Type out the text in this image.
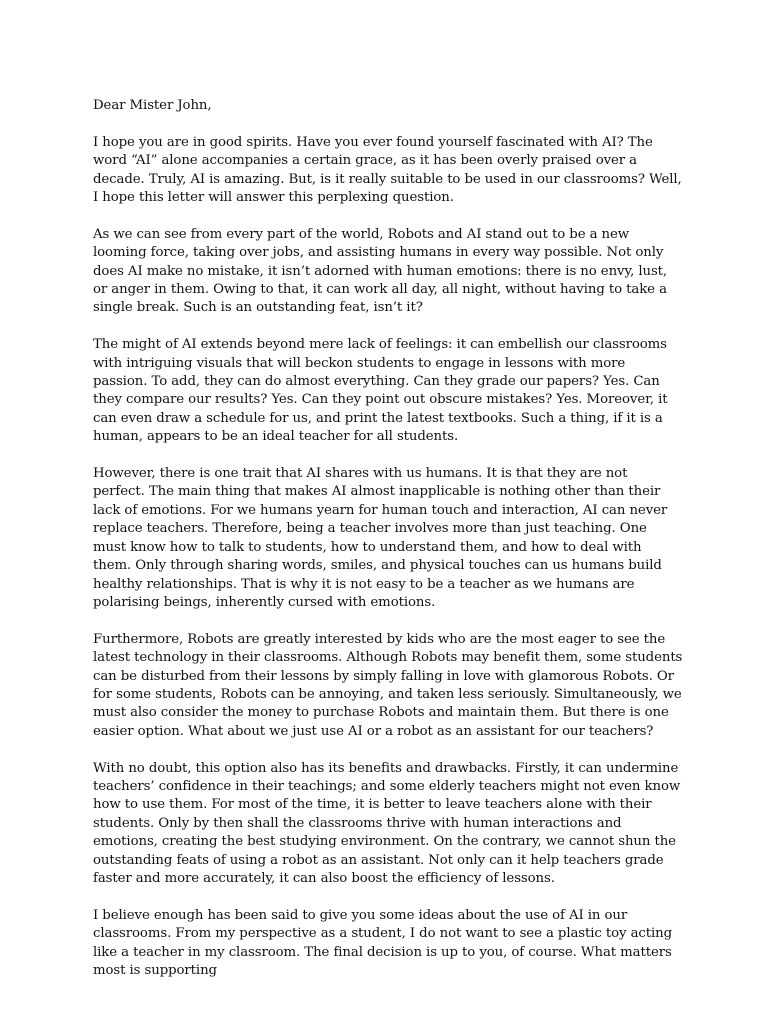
Dear Mister John,

I hope you are in good spirits. Have you ever found yourself fascinated with AI? The word “AI” alone accompanies a certain grace, as it has been overly praised over a decade. Truly, AI is amazing. But, is it really suitable to be used in our classrooms? Well, I hope this letter will answer this perplexing question.

As we can see from every part of the world, Robots and AI stand out to be a new looming force, taking over jobs, and assisting humans in every way possible. Not only does AI make no mistake, it isn’t adorned with human emotions: there is no envy, lust, or anger in them. Owing to that, it can work all day, all night, without having to take a single break. Such is an outstanding feat, isn’t it?

The might of AI extends beyond mere lack of feelings: it can embellish our classrooms with intriguing visuals that will beckon students to engage in lessons with more passion. To add, they can do almost everything. Can they grade our papers? Yes. Can they compare our results? Yes. Can they point out obscure mistakes? Yes. Moreover, it can even draw a schedule for us, and print the latest textbooks. Such a thing, if it is a human, appears to be an ideal teacher for all students.

However, there is one trait that AI shares with us humans. It is that they are not perfect. The main thing that makes AI almost inapplicable is nothing other than their lack of emotions. For we humans yearn for human touch and interaction, AI can never replace teachers. Therefore, being a teacher involves more than just teaching. One must know how to talk to students, how to understand them, and how to deal with them. Only through sharing words, smiles, and physical touches can us humans build healthy relationships. That is why it is not easy to be a teacher as we humans are polarising beings, inherently cursed with emotions.

Furthermore, Robots are greatly interested by kids who are the most eager to see the latest technology in their classrooms. Although Robots may benefit them, some students can be disturbed from their lessons by simply falling in love with glamorous Robots. Or for some students, Robots can be annoying, and taken less seriously. Simultaneously, we must also consider the money to purchase Robots and maintain them. But there is one easier option. What about we just use AI or a robot as an assistant for our teachers?

With no doubt, this option also has its benefits and drawbacks. Firstly, it can undermine teachers’ confidence in their teachings; and some elderly teachers might not even know how to use them. For most of the time, it is better to leave teachers alone with their students. Only by then shall the classrooms thrive with human interactions and emotions, creating the best studying environment. On the contrary, we cannot shun the outstanding feats of using a robot as an assistant. Not only can it help teachers grade faster and more accurately, it can also boost the efficiency of lessons.

I believe enough has been said to give you some ideas about the use of AI in our classrooms. From my perspective as a student, I do not want to see a plastic toy acting like a teacher in my classroom. The final decision is up to you, of course. What matters most is supporting
